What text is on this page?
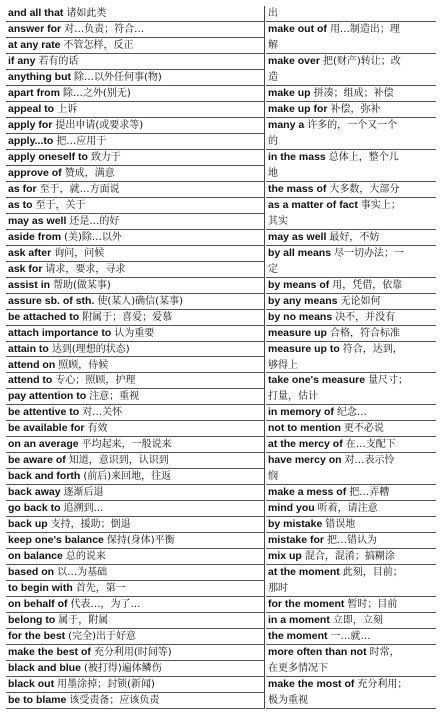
and all that 诸如此类
answer for 对…负责；符合…
at any rate 不管怎样，反正
if any 若有的话
anything but 除…以外任何事(物)
apart from 除…之外(别无)
appeal to 上诉
apply for 提出申请(或要求等)
apply...to 把…应用于
apply oneself to 致力于
approve of 赞成，满意
as for 至于，就…方面说
as to 至于，关于
may as well 还是…的好
aside from (美)除…以外
ask after 询问，问候
ask for 请求，要求，寻求
assist in 帮助(做某事)
assure sb. of sth. 使(某人)确信(某事)
be attached to 附属于；喜爱；爱慕
attach importance to 认为重要
attain to 达到(理想的状态)
attend on 照顾，侍候
attend to 专心；照顾，护理
pay attention to 注意；重视
be attentive to 对…关怀
be available for 有效
on an average 平均起来，一般说来
be aware of 知道，意识到，认识到
back and forth (前后)来回地，往返
back away 逐渐后退
go back to 追溯到…
back up 支持，援助；倒退
keep one's balance 保持(身体)平衡
on balance 总的说来
based on 以…为基础
to begin with 首先，第一
on behalf of 代表…，为了…
belong to 属于，附属
for the best (完全)出于好意
make the best of 充分利用(时间等)
black and blue (被打得)遍体鳞伤
black out 用墨涂掉；封锁(新闻)
be to blame 该受责备；应该负责
出
make out of 用…制造出；理
解
make over 把(财产)转让；改
造
make up 拼凑；组成；补偿
make up for 补偿，弥补
many a 许多的，一个又一个
的
in the mass 总体上，整个儿
地
the mass of 大多数，大部分
as a matter of fact 事实上；
其实
may as well 最好，不妨
by all means 尽一切办法；一
定
by means of 用，凭借，依靠
by any means 无论如何
by no means 决不，并没有
measure up 合格，符合标准
measure up to 符合，达到，
够得上
take one's measure 量尺寸；
打量，估计
in memory of 纪念…
not to mention 更不必说
at the mercy of 在…支配下
have mercy on 对…表示怜
悯
make a mess of 把…弄糟
mind you 听着，请注意
by mistake 错误地
mistake for 把…错认为
mix up 混合，混淆；搞糊涂
at the moment 此刻，目前；
那时
for the moment 暂时；目前
in a moment 立即，立刻
the moment 一…就…
more often than not 时常，
在更多情况下
make the most of 充分利用；
极为重视
